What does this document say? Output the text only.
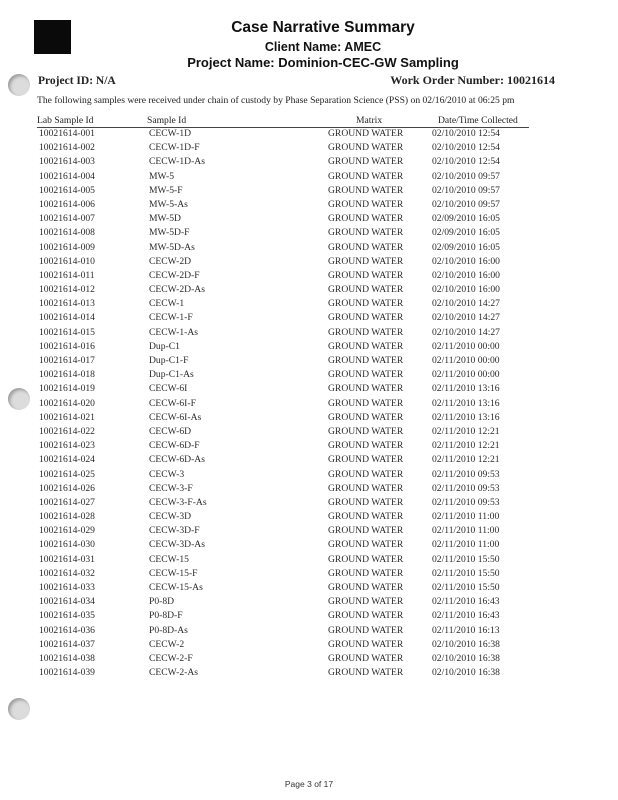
Case Narrative Summary
Client Name: AMEC
Project Name: Dominion-CEC-GW Sampling
Project ID: N/A	Work Order Number: 10021614
The following samples were received under chain of custody by Phase Separation Science (PSS) on 02/16/2010 at 06:25 pm
Lab Sample Id	Sample Id	Matrix	Date/Time Collected
10021614-001	CECW-1D	GROUND WATER	02/10/2010 12:54
10021614-002	CECW-1D-F	GROUND WATER	02/10/2010 12:54
10021614-003	CECW-1D-As	GROUND WATER	02/10/2010 12:54
10021614-004	MW-5	GROUND WATER	02/10/2010 09:57
10021614-005	MW-5-F	GROUND WATER	02/10/2010 09:57
10021614-006	MW-5-As	GROUND WATER	02/10/2010 09:57
10021614-007	MW-5D	GROUND WATER	02/09/2010 16:05
10021614-008	MW-5D-F	GROUND WATER	02/09/2010 16:05
10021614-009	MW-5D-As	GROUND WATER	02/09/2010 16:05
10021614-010	CECW-2D	GROUND WATER	02/10/2010 16:00
10021614-011	CECW-2D-F	GROUND WATER	02/10/2010 16:00
10021614-012	CECW-2D-As	GROUND WATER	02/10/2010 16:00
10021614-013	CECW-1	GROUND WATER	02/10/2010 14:27
10021614-014	CECW-1-F	GROUND WATER	02/10/2010 14:27
10021614-015	CECW-1-As	GROUND WATER	02/10/2010 14:27
10021614-016	Dup-C1	GROUND WATER	02/11/2010 00:00
10021614-017	Dup-C1-F	GROUND WATER	02/11/2010 00:00
10021614-018	Dup-C1-As	GROUND WATER	02/11/2010 00:00
10021614-019	CECW-6I	GROUND WATER	02/11/2010 13:16
10021614-020	CECW-6I-F	GROUND WATER	02/11/2010 13:16
10021614-021	CECW-6I-As	GROUND WATER	02/11/2010 13:16
10021614-022	CECW-6D	GROUND WATER	02/11/2010 12:21
10021614-023	CECW-6D-F	GROUND WATER	02/11/2010 12:21
10021614-024	CECW-6D-As	GROUND WATER	02/11/2010 12:21
10021614-025	CECW-3	GROUND WATER	02/11/2010 09:53
10021614-026	CECW-3-F	GROUND WATER	02/11/2010 09:53
10021614-027	CECW-3-F-As	GROUND WATER	02/11/2010 09:53
10021614-028	CECW-3D	GROUND WATER	02/11/2010 11:00
10021614-029	CECW-3D-F	GROUND WATER	02/11/2010 11:00
10021614-030	CECW-3D-As	GROUND WATER	02/11/2010 11:00
10021614-031	CECW-15	GROUND WATER	02/11/2010 15:50
10021614-032	CECW-15-F	GROUND WATER	02/11/2010 15:50
10021614-033	CECW-15-As	GROUND WATER	02/11/2010 15:50
10021614-034	P0-8D	GROUND WATER	02/11/2010 16:43
10021614-035	P0-8D-F	GROUND WATER	02/11/2010 16:43
10021614-036	P0-8D-As	GROUND WATER	02/11/2010 16:13
10021614-037	CECW-2	GROUND WATER	02/10/2010 16:38
10021614-038	CECW-2-F	GROUND WATER	02/10/2010 16:38
10021614-039	CECW-2-As	GROUND WATER	02/10/2010 16:38
Page 3 of 17
